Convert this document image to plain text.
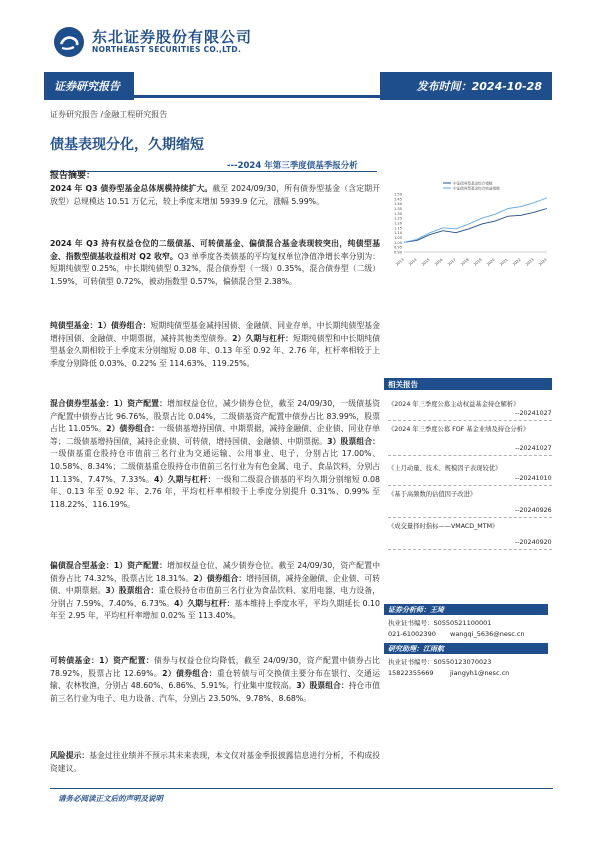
东北证券股份有限公司
NORTHEAST SECURITIES CO.,LTD.
证券研究报告	发布时间：2024-10-28
证券研究报告 /金融工程研究报告
债基表现分化，久期缩短
---2024 年第三季度债基季报分析
报告摘要：
2024 年 Q3 债券型基金总体规模持续扩大。截至 2024/09/30，所有债券型基金（含定期开放型）总规模达 10.51 万亿元，较上季度末增加 5939.9 亿元，涨幅 5.99%。
2024 年 Q3 持有权益仓位的二级债基、可转债基金、偏债混合基金表现较突出，纯债型基金、指数型债基收益相对 Q2 收窄。Q3 单季度各类债基的平均复权单位净值净增长率分别为：短期纯债型 0.25%，中长期纯债型 0.32%，混合债券型（一级）0.35%，混合债券型（二级）1.59%，可转债型 0.72%，被动指数型 0.57%，偏债混合型 2.38%。
纯债型基金：1）债券组合：短期纯债型基金减持国债、金融债、同业存单，中长期纯债型基金增持国债、金融债、中期票据，减持其他类型债券。2）久期与杠杆：短期纯债型和中长期纯债型基金久期相较于上季度末分别缩短 0.08 年、0.13 年至 0.92 年、2.76 年，杠杆率相较于上季度分别降低 0.03%、0.22% 至 114.63%、119.25%。
混合债券型基金：1）资产配置：增加权益仓位，减少债券仓位，截至 24/09/30，一级债基资产配置中债券占比 96.76%，股票占比 0.04%，二级债基资产配置中债券占比 83.99%，股票占比 11.05%。2）债券组合：一级债基增持国债、中期票据，减持金融债、企业债、同业存单等；二级债基增持国债，减持企业债、可转债，增持国债、金融债、中期票据。3）股票组合：一级债基重仓股持仓市值前三名行业为交通运输、公用事业、电子，分别占比 17.00%、10.58%、8.34%；二级债基重仓股持仓市值前三名行业为有色金属、电子、食品饮料，分别占 11.13%、7.47%、7.33%。4）久期与杠杆：一级和二级混合债基的平均久期分别缩短 0.08 年、0.13 年至 0.92 年、2.76 年，平均杠杆率相较于上季度分别提升 0.31%、0.99% 至 118.22%、116.19%。
偏债混合型基金：1）资产配置：增加权益仓位，减少债券仓位。截至 24/09/30，资产配置中债券占比 74.32%，股票占比 18.31%。2）债券组合：增持国债，减持金融债、企业债、可转债、中期票据。3）股票组合：重仓股持仓市值前三名行业为食品饮料、家用电器、电力设备，分别占 7.59%、7.40%、6.73%。4）久期与杠杆：基本维持上季度水平，平均久期延长 0.10 年至 2.95 年，平均杠杆率增加 0.02% 至 113.40%。
可转债基金：1）资产配置：债券与权益仓位均降低，截至 24/09/30，资产配置中债券占比 78.92%，股票占比 12.69%。2）债券组合：重仓转债与可交换债主要分布在银行、交通运输、农林牧渔，分别占 48.60%、6.86%、5.91%，行业集中度较高。3）股票组合：持仓市值前三名行业为电子、电力设备、汽车，分别占 23.50%、9.78%、8.68%。
风险提示：基金过往业绩并不预示其未来表现，本文仅对基金季报披露信息进行分析，不构成投资建议。
1.50
1.45
1.40
1.35
1.30
1.25
1.20
1.15
1.10
1.05
1.00
0.95
0.90
2013 2014 2015 2016 2017 2018 2019 2020 2021 2022 2023 2024
中证债券型基金综合指数
中证债券型基金综合收益指数
相关报告
《2024 年三季度公募主动权益基金持仓解析》
--20241027
《2024 年三季度公募 FOF 基金业绩及持仓分析》
--20241027
《上月动量、技术、规模因子表现较优》
--20241010
《基于高频数的估值因子改进》
--20240926
《成交量择时指标——VMACD_MTM》
--20240920
证券分析师：王琦
执业证书编号：S0550521100001
021-61002390 wangqi_5636@nesc.cn
研究助理：江雨航
执业证书编号：S0550123070023
15822355669	jiangyh1@nesc.cn
请务必阅读正文后的声明及说明
